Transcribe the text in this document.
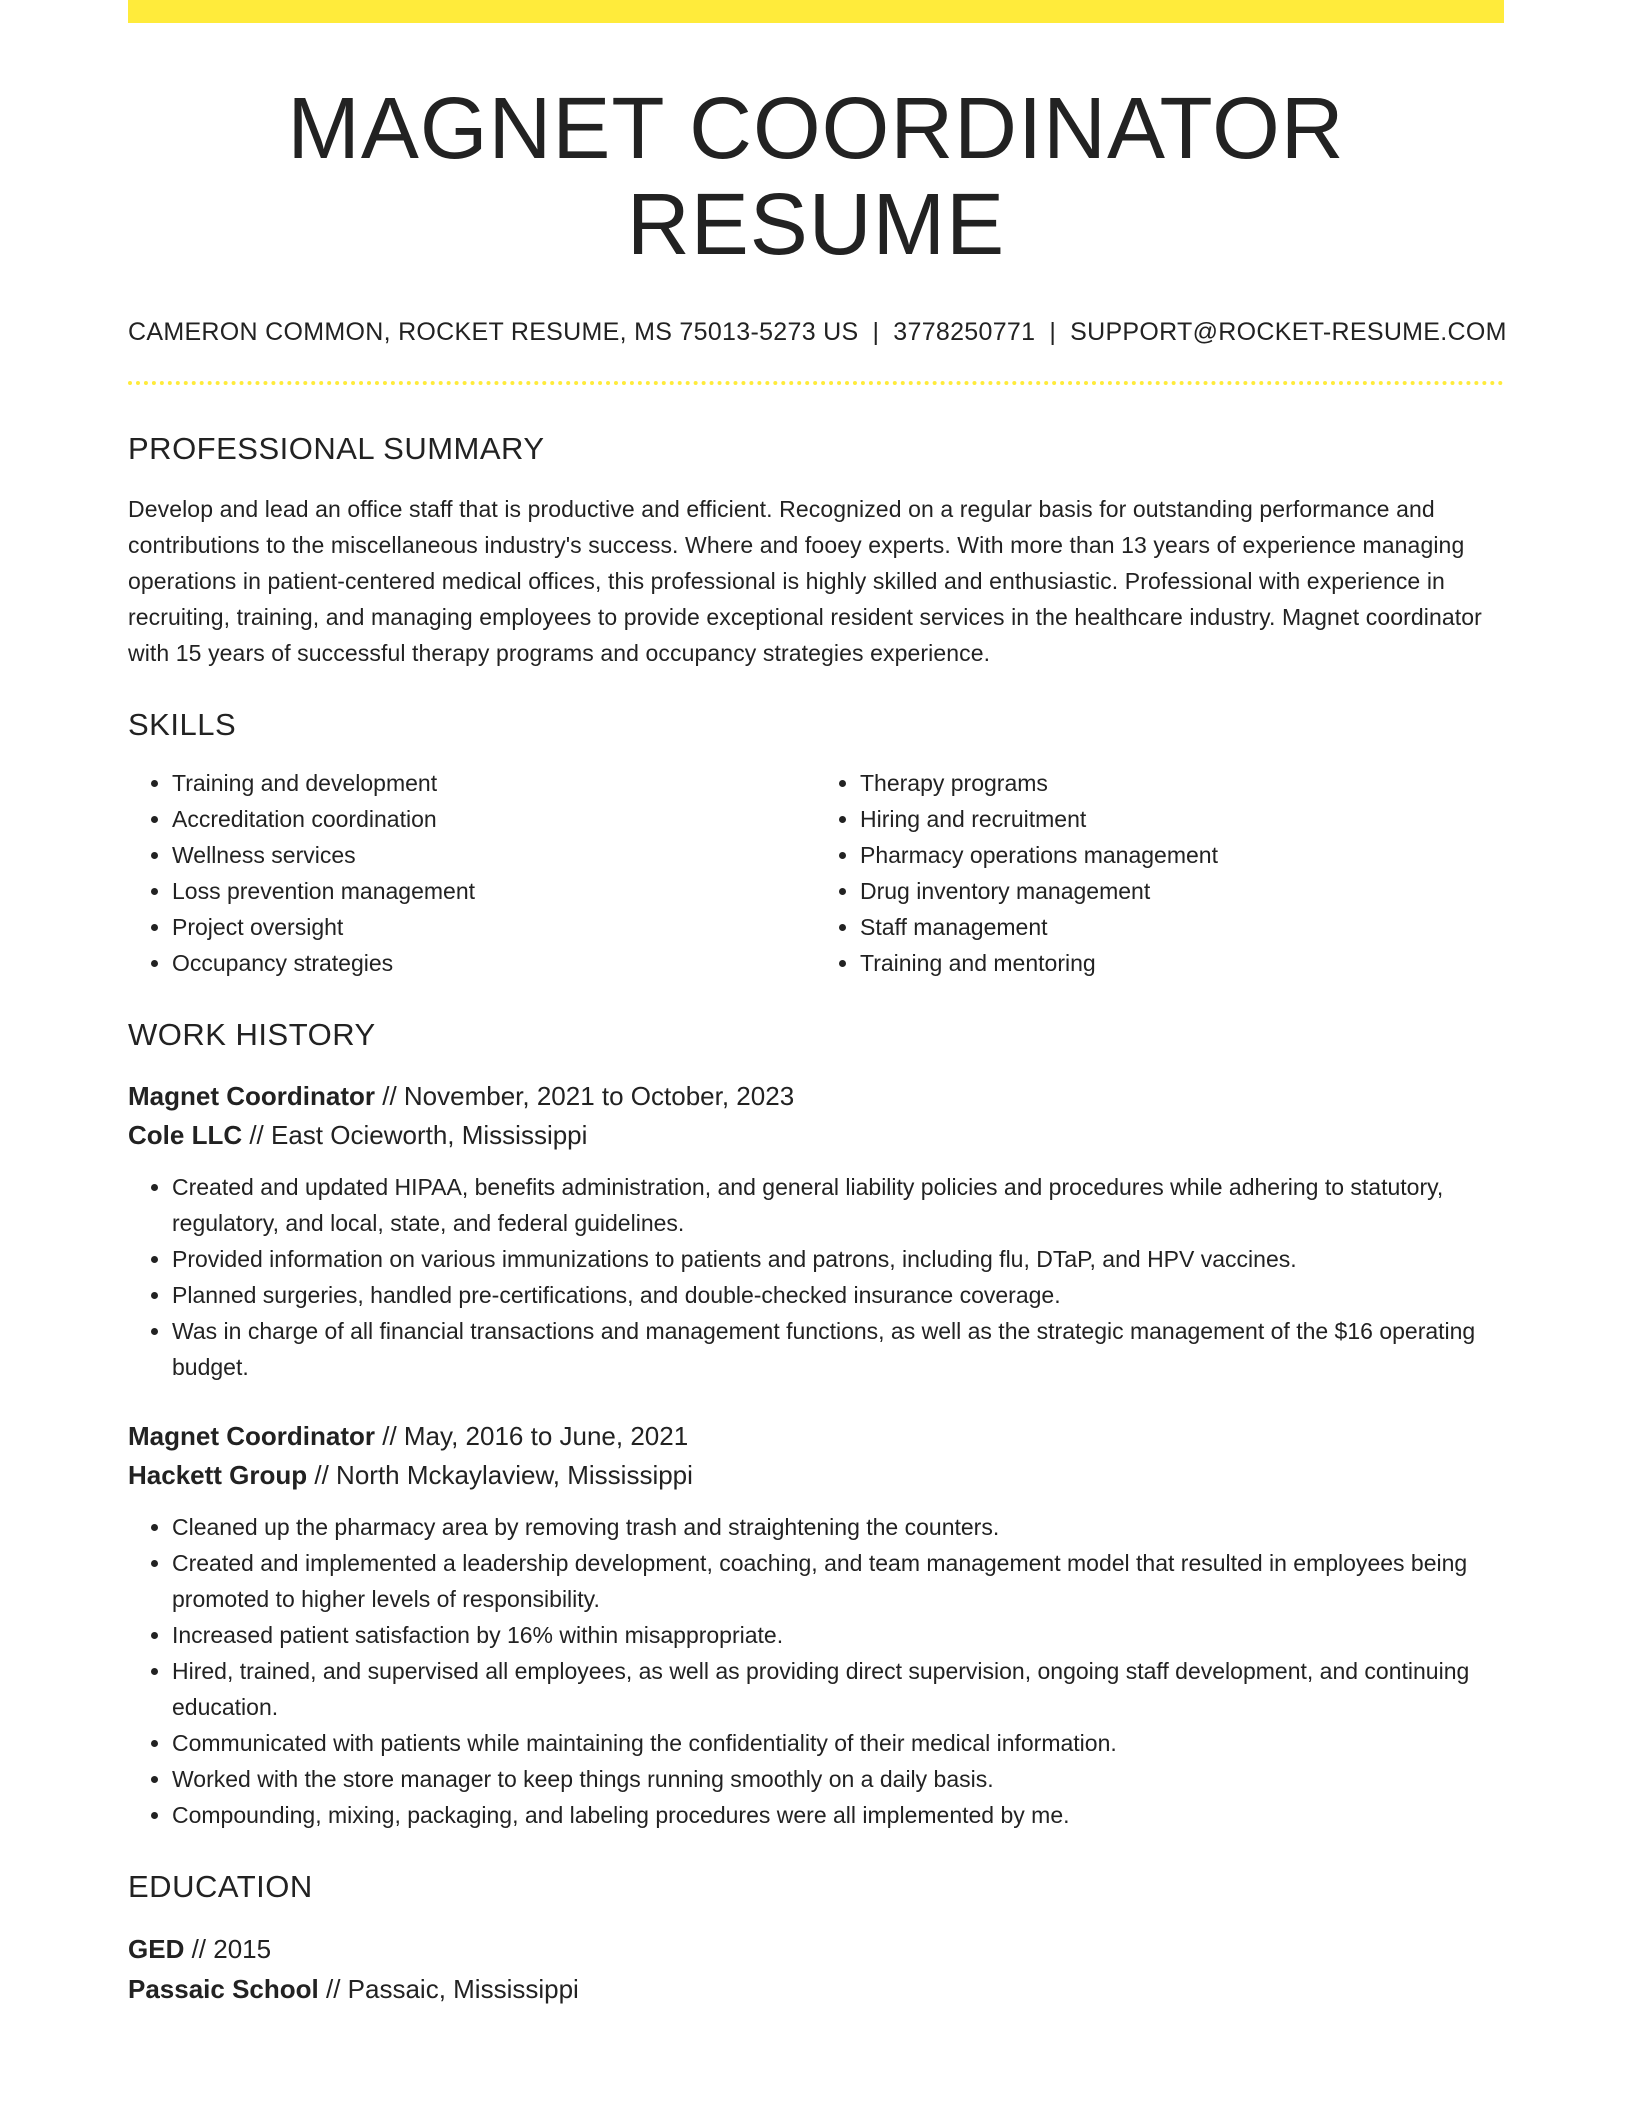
MAGNET COORDINATOR RESUME
CAMERON COMMON, ROCKET RESUME, MS 75013-5273 US | 3778250771 | SUPPORT@ROCKET-RESUME.COM
PROFESSIONAL SUMMARY

Develop and lead an office staff that is productive and efficient. Recognized on a regular basis for outstanding performance and contributions to the miscellaneous industry's success. Where and fooey experts. With more than 13 years of experience managing operations in patient-centered medical offices, this professional is highly skilled and enthusiastic. Professional with experience in recruiting, training, and managing employees to provide exceptional resident services in the healthcare industry. Magnet coordinator with 15 years of successful therapy programs and occupancy strategies experience.

SKILLS
• Training and development
• Accreditation coordination
• Wellness services
• Loss prevention management
• Project oversight
• Occupancy strategies
• Therapy programs
• Hiring and recruitment
• Pharmacy operations management
• Drug inventory management
• Staff management
• Training and mentoring
WORK HISTORY
Magnet Coordinator // November, 2021 to October, 2023
Cole LLC // East Ocieworth, Mississippi
• Created and updated HIPAA, benefits administration, and general liability policies and procedures while adhering to statutory, regulatory, and local, state, and federal guidelines.
• Provided information on various immunizations to patients and patrons, including flu, DTaP, and HPV vaccines.
• Planned surgeries, handled pre-certifications, and double-checked insurance coverage.
• Was in charge of all financial transactions and management functions, as well as the strategic management of the $16 operating budget.
Magnet Coordinator // May, 2016 to June, 2021
Hackett Group // North Mckaylaview, Mississippi
• Cleaned up the pharmacy area by removing trash and straightening the counters.
• Created and implemented a leadership development, coaching, and team management model that resulted in employees being promoted to higher levels of responsibility.
• Increased patient satisfaction by 16% within misappropriate.
• Hired, trained, and supervised all employees, as well as providing direct supervision, ongoing staff development, and continuing education.
• Communicated with patients while maintaining the confidentiality of their medical information.
• Worked with the store manager to keep things running smoothly on a daily basis.
• Compounding, mixing, packaging, and labeling procedures were all implemented by me.
EDUCATION
GED // 2015
Passaic School // Passaic, Mississippi
